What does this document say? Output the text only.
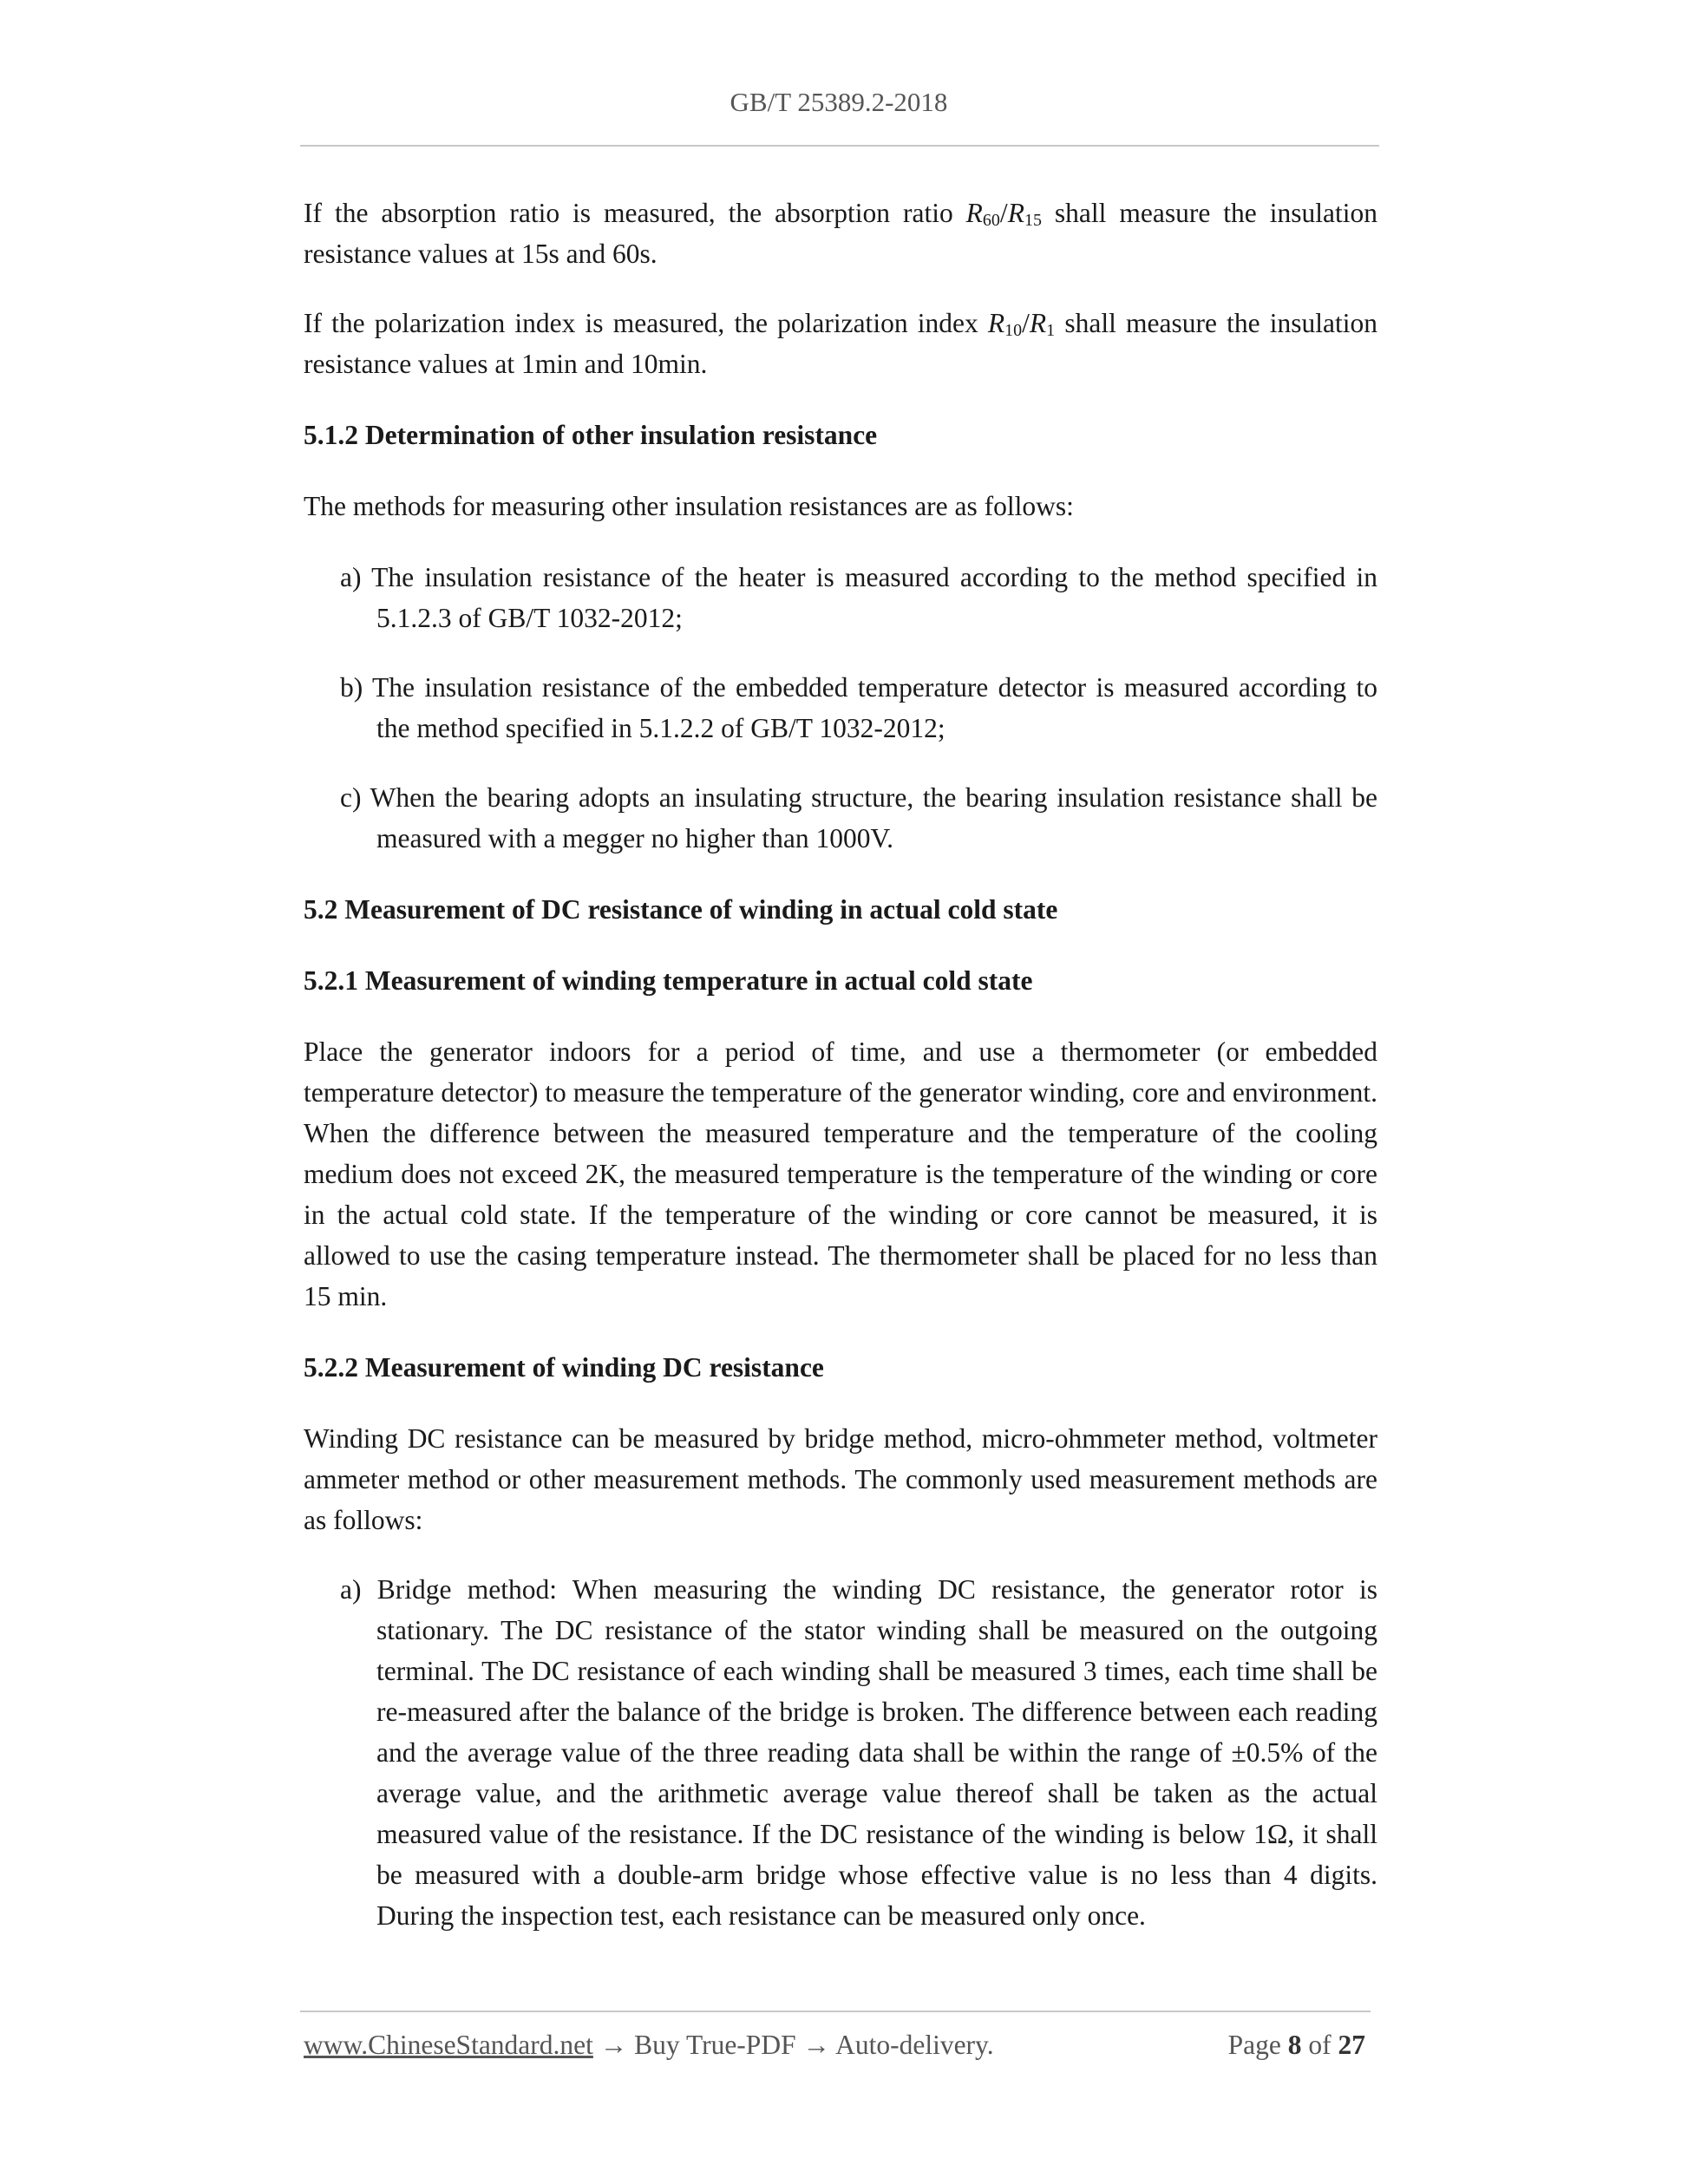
GB/T 25389.2-2018

If the absorption ratio is measured, the absorption ratio $R_{60}/R_{15}$ shall measure the insulation resistance values at 15s and 60s.

If the polarization index is measured, the polarization index $R_{10}/R_1$ shall measure the insulation resistance values at 1min and 10min.

5.1.2 Determination of other insulation resistance

The methods for measuring other insulation resistances are as follows:

a) The insulation resistance of the heater is measured according to the method specified in 5.1.2.3 of GB/T 1032-2012;
b) The insulation resistance of the embedded temperature detector is measured according to the method specified in 5.1.2.2 of GB/T 1032-2012;
c) When the bearing adopts an insulating structure, the bearing insulation resistance shall be measured with a megger no higher than 1000V.
5.2 Measurement of DC resistance of winding in actual cold state
5.2.1 Measurement of winding temperature in actual cold state

Place the generator indoors for a period of time, and use a thermometer (or embedded temperature detector) to measure the temperature of the generator winding, core and environment. When the difference between the measured temperature and the temperature of the cooling medium does not exceed 2K, the measured temperature is the temperature of the winding or core in the actual cold state. If the temperature of the winding or core cannot be measured, it is allowed to use the casing temperature instead. The thermometer shall be placed for no less than 15 min.

5.2.2 Measurement of winding DC resistance

Winding DC resistance can be measured by bridge method, micro-ohmmeter method, voltmeter ammeter method or other measurement methods. The commonly used measurement methods are as follows:

a) Bridge method: When measuring the winding DC resistance, the generator rotor is stationary. The DC resistance of the stator winding shall be measured on the outgoing terminal. The DC resistance of each winding shall be measured 3 times, each time shall be re-measured after the balance of the bridge is broken. The difference between each reading and the average value of the three reading data shall be within the range of ±0.5% of the average value, and the arithmetic average value thereof shall be taken as the actual measured value of the resistance. If the DC resistance of the winding is below 1Ω, it shall be measured with a double-arm bridge whose effective value is no less than 4 digits. During the inspection test, each resistance can be measured only once.
www.ChineseStandard.net → Buy True-PDF → Auto-delivery.	Page 8 of 27
